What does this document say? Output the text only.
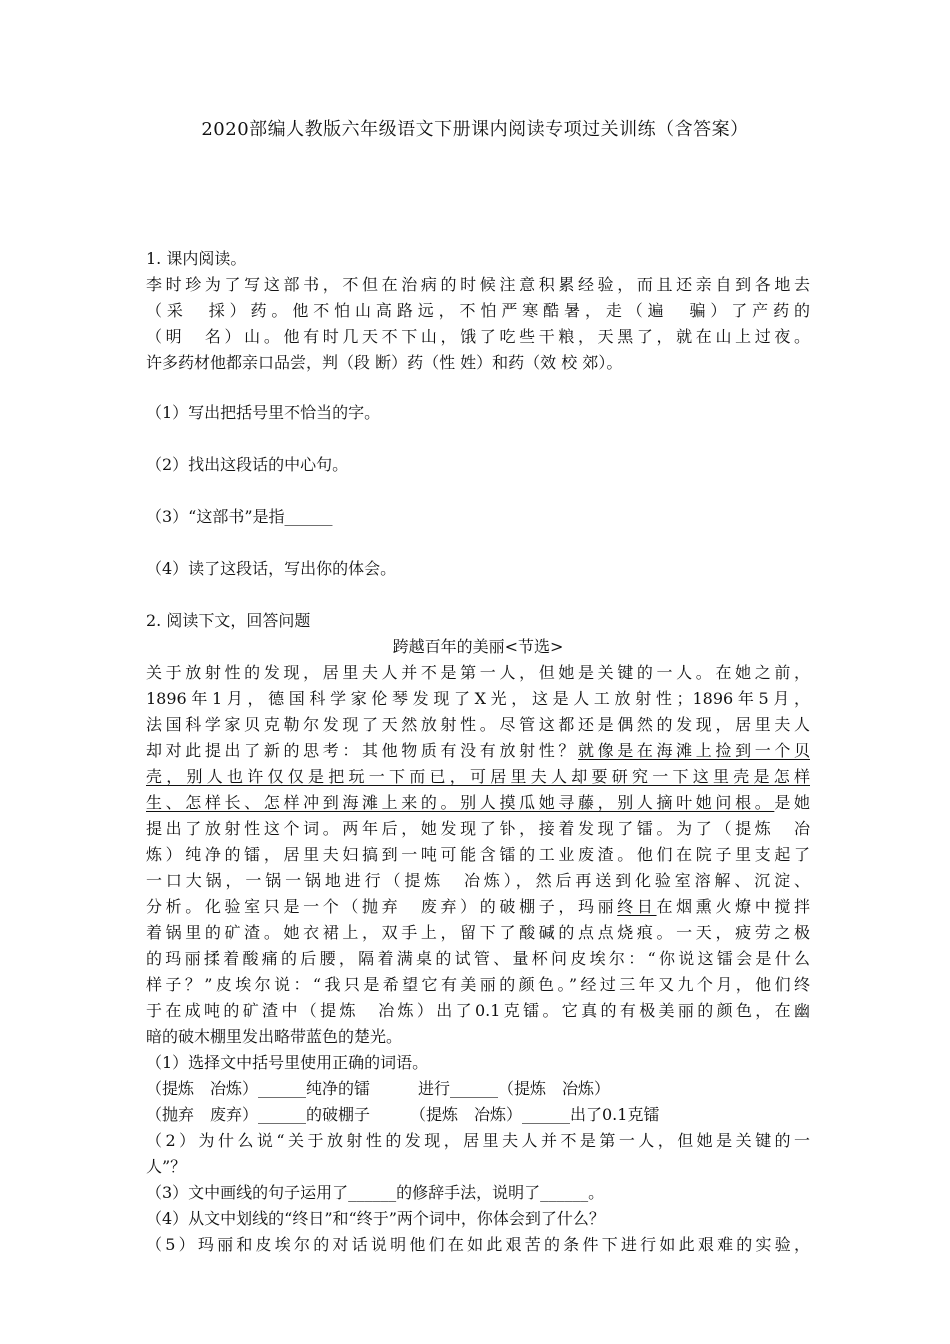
2020部编人教版六年级语文下册课内阅读专项过关训练（含答案）
1. 课内阅读。
李时珍为了写这部书，不但在治病的时候注意积累经验，而且还亲自到各地去
（采　採）药。他不怕山高路远，不怕严寒酷暑，走（遍　骗）了产药的
（明　名）山。他有时几天不下山，饿了吃些干粮，天黑了，就在山上过夜。
许多药材他都亲口品尝，判（段 断）药（性 姓）和药（效 校 郊）。
（1）写出把括号里不恰当的字。
（2）找出这段话的中心句。
（3）“这部书”是指______
（4）读了这段话，写出你的体会。
2. 阅读下文，回答问题
跨越百年的美丽<节选>
关于放射性的发现，居里夫人并不是第一人，但她是关键的一人。在她之前，
1896年1月，德国科学家伦琴发现了X光，这是人工放射性；1896年5月，
法国科学家贝克勒尔发现了天然放射性。尽管这都还是偶然的发现，居里夫人
却对此提出了新的思考：其他物质有没有放射性？就像是在海滩上捡到一个贝
壳，别人也许仅仅是把玩一下而已，可居里夫人却要研究一下这里壳是怎样
生、怎样长、怎样冲到海滩上来的。别人摸瓜她寻藤，别人摘叶她问根。是她
提出了放射性这个词。两年后，她发现了钋，接着发现了镭。为了（提炼　冶
炼）纯净的镭，居里夫妇搞到一吨可能含镭的工业废渣。他们在院子里支起了
一口大锅，一锅一锅地进行（提炼　冶炼），然后再送到化验室溶解、沉淀、
分析。化验室只是一个（抛弃　废弃）的破棚子，玛丽终日在烟熏火燎中搅拌
着锅里的矿渣。她衣裙上，双手上，留下了酸碱的点点烧痕。一天，疲劳之极
的玛丽揉着酸痛的后腰，隔着满桌的试管、量杯问皮埃尔：“你说这镭会是什么
样子？”皮埃尔说：“我只是希望它有美丽的颜色。”经过三年又九个月，他们终
于在成吨的矿渣中（提炼　冶炼）出了0.1克镭。它真的有极美丽的颜色，在幽
暗的破木棚里发出略带蓝色的楚光。
（1）选择文中括号里使用正确的词语。
（提炼　冶炼）______纯净的镭　　　进行______（提炼　冶炼）
（抛弃　废弃）______的破棚子　　　（提炼　冶炼）______出了0.1克镭
（2）为什么说“关于放射性的发现，居里夫人并不是第一人，但她是关键的一
人”？
（3）文中画线的句子运用了______的修辞手法，说明了______。
（4）从文中划线的“终日”和“终于”两个词中，你体会到了什么？
（5）玛丽和皮埃尔的对话说明他们在如此艰苦的条件下进行如此艰难的实验，
